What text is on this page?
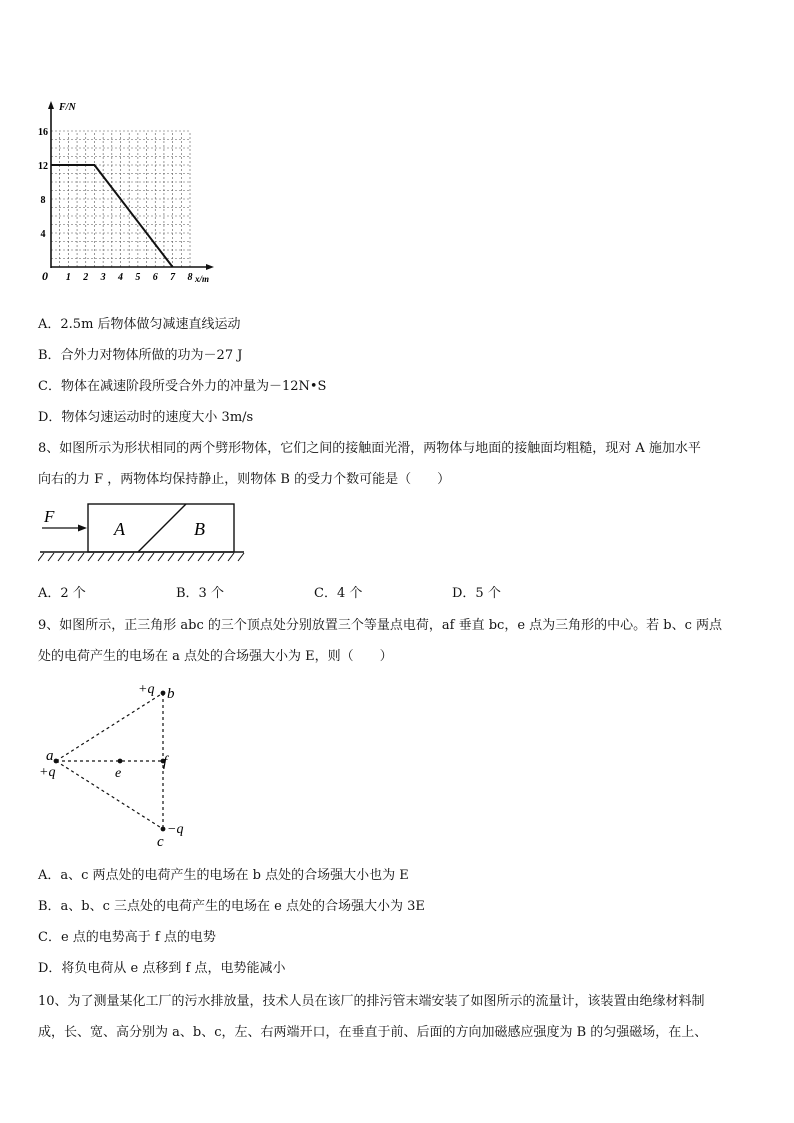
F/N
x/m
16
12
8
4
0 1 2 3 4 5 6 7 8
A．2.5m 后物体做匀减速直线运动
B．合外力对物体所做的功为－27 J
C．物体在减速阶段所受合外力的冲量为－12N•S
D．物体匀速运动时的速度大小 3m/s
8、如图所示为形状相同的两个劈形物体，它们之间的接触面光滑，两物体与地面的接触面均粗糙，现对 A 施加水平
向右的力 F ，两物体均保持静止，则物体 B 的受力个数可能是（　　）
F
A	B
A．2 个	B．3 个	C．4 个	D．5 个
9、如图所示，正三角形 abc 的三个顶点处分别放置三个等量点电荷，af 垂直 bc，e 点为三角形的中心。若 b、c 两点
处的电荷产生的电场在 a 点处的合场强大小为 E，则（　　）
+q b
a
+q	e
f
−q
c
A．a、c 两点处的电荷产生的电场在 b 点处的合场强大小也为 E
B．a、b、c 三点处的电荷产生的电场在 e 点处的合场强大小为 3E
C．e 点的电势高于 f 点的电势
D．将负电荷从 e 点移到 f 点，电势能减小
10、为了测量某化工厂的污水排放量，技术人员在该厂的排污管末端安装了如图所示的流量计，该装置由绝缘材料制
成，长、宽、高分别为 a、b、c，左、右两端开口，在垂直于前、后面的方向加磁感应强度为 B 的匀强磁场，在上、
